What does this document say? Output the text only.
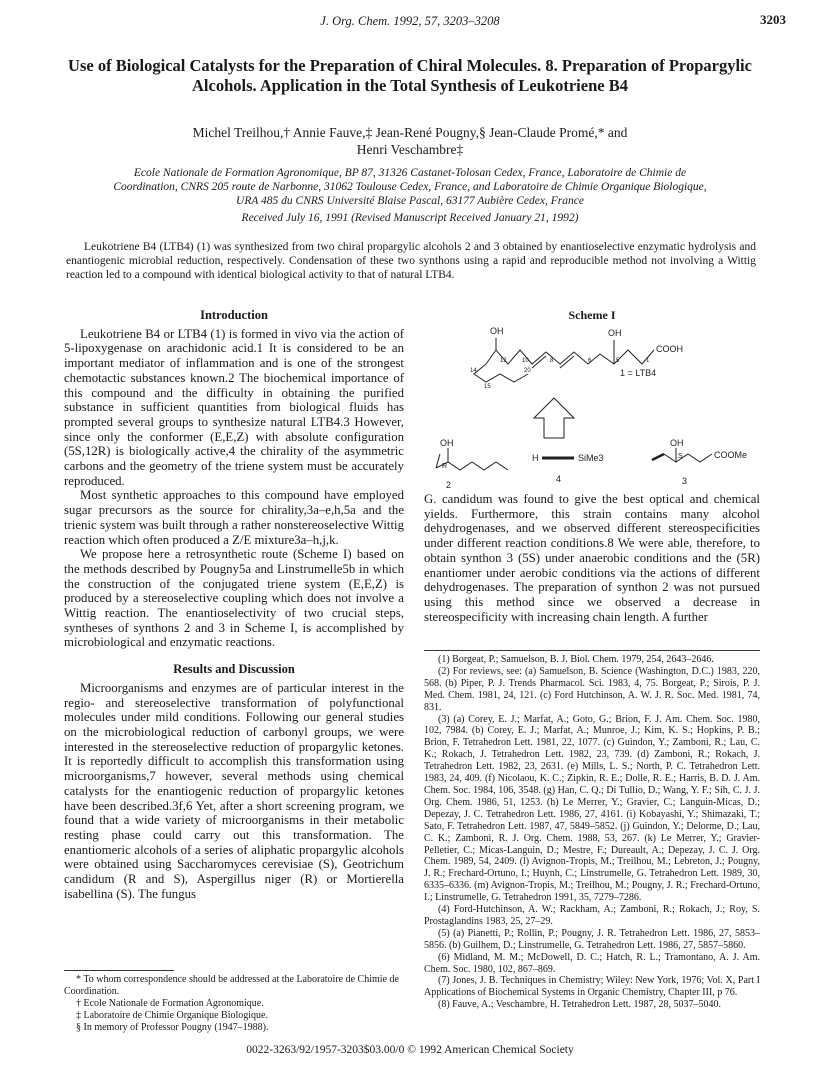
J. Org. Chem. 1992, 57, 3203–3208	3203
Use of Biological Catalysts for the Preparation of Chiral Molecules. 8. Preparation of Propargylic Alcohols. Application in the Total Synthesis of Leukotriene B4
Michel Treilhou,† Annie Fauve,‡ Jean-René Pougny,§ Jean-Claude Promé,* and
Henri Veschambre‡
Ecole Nationale de Formation Agronomique, BP 87, 31326 Castanet-Tolosan Cedex, France, Laboratoire de Chimie de Coordination, CNRS 205 route de Narbonne, 31062 Toulouse Cedex, France, and Laboratoire de Chimie Organique Biologique, URA 485 du CNRS Université Blaise Pascal, 63177 Aubière Cedex, France
Received July 16, 1991 (Revised Manuscript Received January 21, 1992)
Leukotriene B4 (LTB4) (1) was synthesized from two chiral propargylic alcohols 2 and 3 obtained by enantioselective enzymatic hydrolysis and enantiogenic microbial reduction, respectively. Condensation of these two synthons using a rapid and reproducible method not involving a Wittig reaction led to a compound with identical biological activity to that of natural LTB4.
Introduction

Leukotriene B4 or LTB4 (1) is formed in vivo via the action of 5-lipoxygenase on arachidonic acid.1 It is considered to be an important mediator of inflammation and is one of the strongest chemotactic substances known.2 The biochemical importance of this compound and the difficulty in obtaining the purified substance in sufficient quantities from biological fluids has prompted several groups to synthesize natural LTB4.3 However, since only the conformer (E,E,Z) with absolute configuration (5S,12R) is biologically active,4 the chirality of the asymmetric carbons and the geometry of the triene system must be accurately reproduced.

Most synthetic approaches to this compound have employed sugar precursors as the source for chirality,3a–e,h,5a and the trienic system was built through a rather nonstereoselective Wittig reaction which often produced a Z/E mixture3a–h,j,k.

We propose here a retrosynthetic route (Scheme I) based on the methods described by Pougny5a and Linstrumelle5b in which the construction of the conjugated triene system (E,E,Z) is produced by a stereoselective coupling which does not involve a Wittig reaction. The enantioselectivity of two crucial steps, syntheses of synthons 2 and 3 in Scheme I, is accomplished by microbiological and enzymatic reactions.

Results and Discussion

Microorganisms and enzymes are of particular interest in the regio- and stereoselective transformation of polyfunctional molecules under mild conditions. Following our general studies on the microbiological reduction of carbonyl groups, we were interested in the stereoselective reduction of propargylic ketones. It is reportedly difficult to accomplish this transformation using microorganisms,7 however, several methods using chemical catalysts for the enantiogenic reduction of propargylic ketones have been described.3f,6 Yet, after a short screening program, we found that a wide variety of microorganisms in their metabolic resting phase could carry out this transformation. The enantiomeric alcohols of a series of aliphatic propargylic alcohols were obtained using Saccharomyces cerevisiae (S), Geotrichum candidum (R and S), Aspergillus niger (R) or Mortierella isabellina (S). The fungus

* To whom correspondence should be addressed at the Laboratoire de Chimie de Coordination.

† Ecole Nationale de Formation Agronomique.

‡ Laboratoire de Chimie Organique Biologique.

§ In memory of Professor Pougny (1947–1988).

Scheme I
OH	OH
COOH
1 = LTB4
12	10	8	6	5	1
14
15
20
OH
R
2
H	SiMe3
4
OH
S	COOMe
3

G. candidum was found to give the best optical and chemical yields. Furthermore, this strain contains many alcohol dehydrogenases, and we observed different stereospecificities under different reaction conditions.8 We were able, therefore, to obtain synthon 3 (5S) under anaerobic conditions and the (5R) enantiomer under aerobic conditions via the actions of different dehydrogenases. The preparation of synthon 2 was not pursued using this method since we observed a decrease in stereospecificity with increasing chain length. A further

(1) Borgeat, P.; Samuelson, B. J. Biol. Chem. 1979, 254, 2643–2646.

(2) For reviews, see: (a) Samuelson, B. Science (Washington, D.C.) 1983, 220, 568. (b) Piper, P. J. Trends Pharmacol. Sci. 1983, 4, 75. Borgeat, P.; Sirois, P. J. Med. Chem. 1981, 24, 121. (c) Ford Hutchinson, A. W. J. R. Soc. Med. 1981, 74, 831.

(3) (a) Corey, E. J.; Marfat, A.; Goto, G.; Brion, F. J. Am. Chem. Soc. 1980, 102, 7984. (b) Corey, E. J.; Marfat, A.; Munroe, J.; Kim, K. S.; Hopkins, P. B.; Brion, F. Tetrahedron Lett. 1981, 22, 1077. (c) Guindon, Y.; Zamboni, R.; Lau, C. K.; Rokach, J. Tetrahedron Lett. 1982, 23, 739. (d) Zamboni, R.; Rokach, J. Tetrahedron Lett. 1982, 23, 2631. (e) Mills, L. S.; North, P. C. Tetrahedron Lett. 1983, 24, 409. (f) Nicolaou, K. C.; Zipkin, R. E.; Dolle, R. E.; Harris, B. D. J. Am. Chem. Soc. 1984, 106, 3548. (g) Han, C. Q.; Di Tullio, D.; Wang, Y. F.; Sih, C. J. J. Org. Chem. 1986, 51, 1253. (h) Le Merrer, Y.; Gravier, C.; Languin-Micas, D.; Depezay, J. C. Tetrahedron Lett. 1986, 27, 4161. (i) Kobayashi, Y.; Shimazaki, T.; Sato, F. Tetrahedron Lett. 1987, 47, 5849–5852. (j) Guindon, Y.; Delorme, D.; Lau, C. K.; Zamboni, R. J. Org. Chem. 1988, 53, 267. (k) Le Merrer, Y.; Gravier-Pelletier, C.; Micas-Languin, D.; Mestre, F.; Dureault, A.; Depezay, J. C. J. Org. Chem. 1989, 54, 2409. (l) Avignon-Tropis, M.; Treilhou, M.; Lebreton, J.; Pougny, J. R.; Frechard-Ortuno, I.; Huynh, C.; Linstrumelle, G. Tetrahedron Lett. 1989, 30, 6335–6336. (m) Avignon-Tropis, M.; Treilhou, M.; Pougny, J. R.; Frechard-Ortuno, I.; Linstrumelle, G. Tetrahedron 1991, 35, 7279–7286.

(4) Ford-Hutchinson, A. W.; Rackham, A.; Zamboni, R.; Rokach, J.; Roy, S. Prostaglandins 1983, 25, 27–29.

(5) (a) Pianetti, P.; Rollin, P.; Pougny, J. R. Tetrahedron Lett. 1986, 27, 5853–5856. (b) Guilhem, D.; Linstrumelle, G. Tetrahedron Lett. 1986, 27, 5857–5860.

(6) Midland, M. M.; McDowell, D. C.; Hatch, R. L.; Tramontano, A. J. Am. Chem. Soc. 1980, 102, 867–869.

(7) Jones, J. B. Techniques in Chemistry; Wiley: New York, 1976; Vol. X, Part I Applications of Biochemical Systems in Organic Chemistry, Chapter III, p 76.

(8) Fauve, A.; Veschambre, H. Tetrahedron Lett. 1987, 28, 5037–5040.

0022-3263/92/1957-3203$03.00/0 © 1992 American Chemical Society
